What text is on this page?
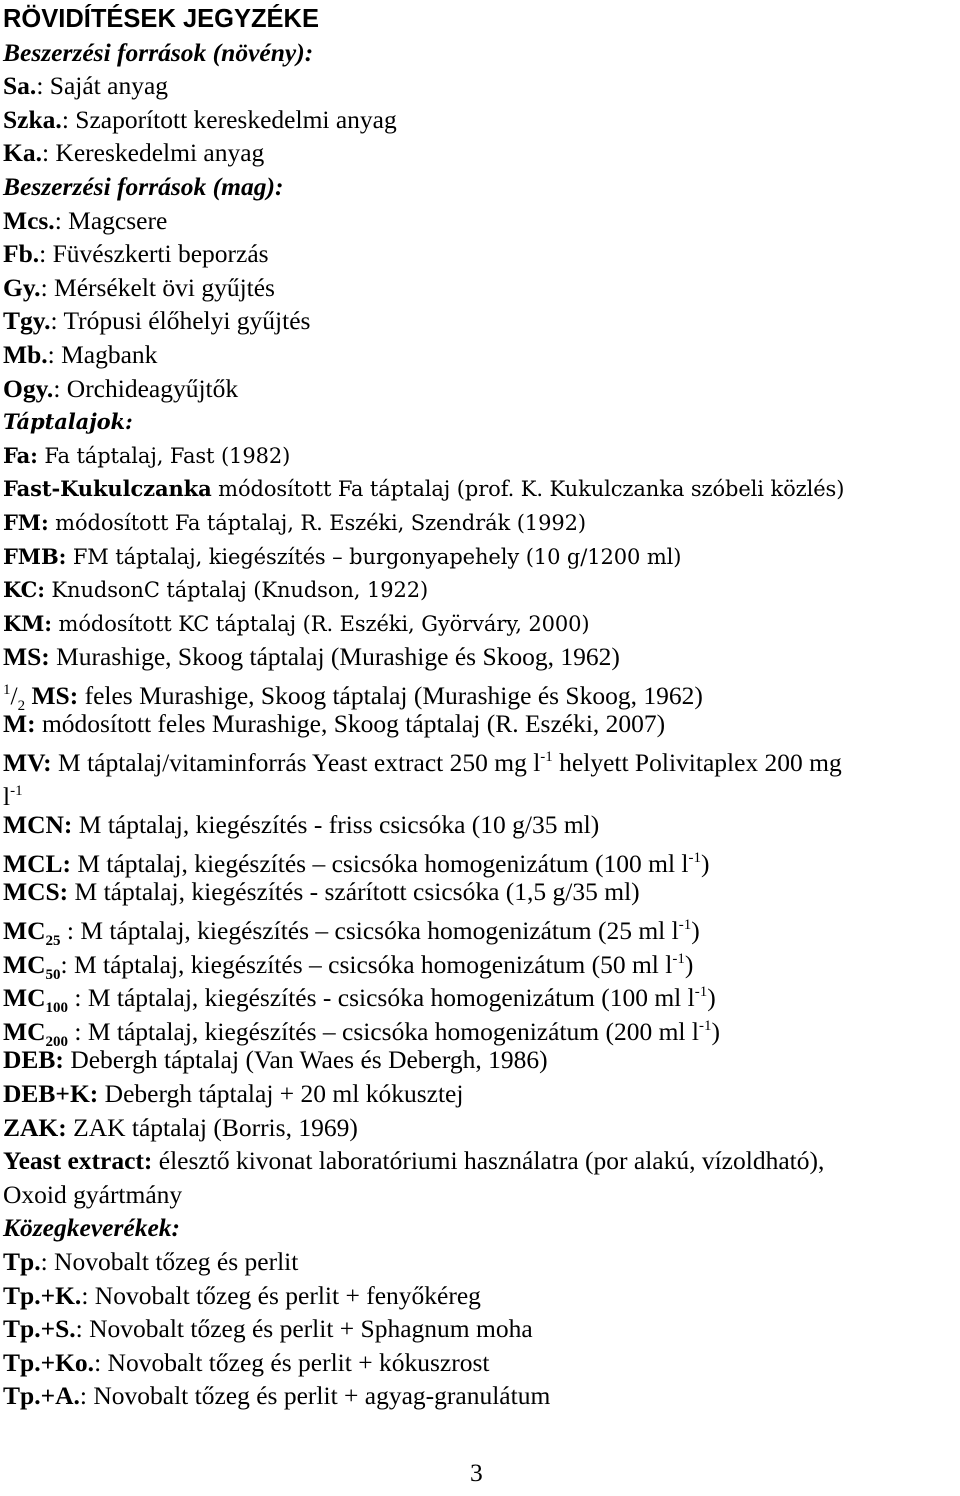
RÖVIDÍTÉSEK JEGYZÉKE
Beszerzési források (növény):
Sa.: Saját anyag
Szka.: Szaporított kereskedelmi anyag
Ka.: Kereskedelmi anyag
Beszerzési források (mag):
Mcs.: Magcsere
Fb.: Füvészkerti beporzás
Gy.: Mérsékelt övi gyűjtés
Tgy.: Trópusi élőhelyi gyűjtés
Mb.: Magbank
Ogy.: Orchideagyűjtők
Táptalajok:
Fa: Fa táptalaj, Fast (1982)
Fast-Kukulczanka módosított Fa táptalaj (prof. K. Kukulczanka szóbeli közlés)
FM: módosított Fa táptalaj, R. Eszéki, Szendrák (1992)
FMB: FM táptalaj, kiegészítés – burgonyapehely (10 g/1200 ml)
KC: KnudsonC táptalaj (Knudson, 1922)
KM: módosított KC táptalaj (R. Eszéki, Györváry, 2000)
MS: Murashige, Skoog táptalaj (Murashige és Skoog, 1962)
$^1/_2$ MS: feles Murashige, Skoog táptalaj (Murashige és Skoog, 1962)
M: módosított feles Murashige, Skoog táptalaj (R. Eszéki, 2007)
MV: M táptalaj/vitaminforrás Yeast extract 250 mg $l^{-1}$ helyett Polivitaplex 200 mg
$l^{-1}$
MCN: M táptalaj, kiegészítés - friss csicsóka (10 g/35 ml)
MCL: M táptalaj, kiegészítés – csicsóka homogenizátum (100 ml $l^{-1}$)
MCS: M táptalaj, kiegészítés - szárított csicsóka (1,5 g/35 ml)
$MC_{25}$ : M táptalaj, kiegészítés – csicsóka homogenizátum (25 ml $l^{-1}$)
$MC_{50}$: M táptalaj, kiegészítés – csicsóka homogenizátum (50 ml $l^{-1}$)
$MC_{100}$ : M táptalaj, kiegészítés - csicsóka homogenizátum (100 ml $l^{-1}$)
$MC_{200}$ : M táptalaj, kiegészítés – csicsóka homogenizátum (200 ml $l^{-1}$)
DEB: Debergh táptalaj (Van Waes és Debergh, 1986)
DEB+K: Debergh táptalaj + 20 ml kókusztej
ZAK: ZAK táptalaj (Borris, 1969)
Yeast extract: élesztő kivonat laboratóriumi használatra (por alakú, vízoldható),
Oxoid gyártmány
Közegkeverékek:
Tp.: Novobalt tőzeg és perlit
Tp.+K.: Novobalt tőzeg és perlit + fenyőkéreg
Tp.+S.: Novobalt tőzeg és perlit + Sphagnum moha
Tp.+Ko.: Novobalt tőzeg és perlit + kókuszrost
Tp.+A.: Novobalt tőzeg és perlit + agyag-granulátum
3
